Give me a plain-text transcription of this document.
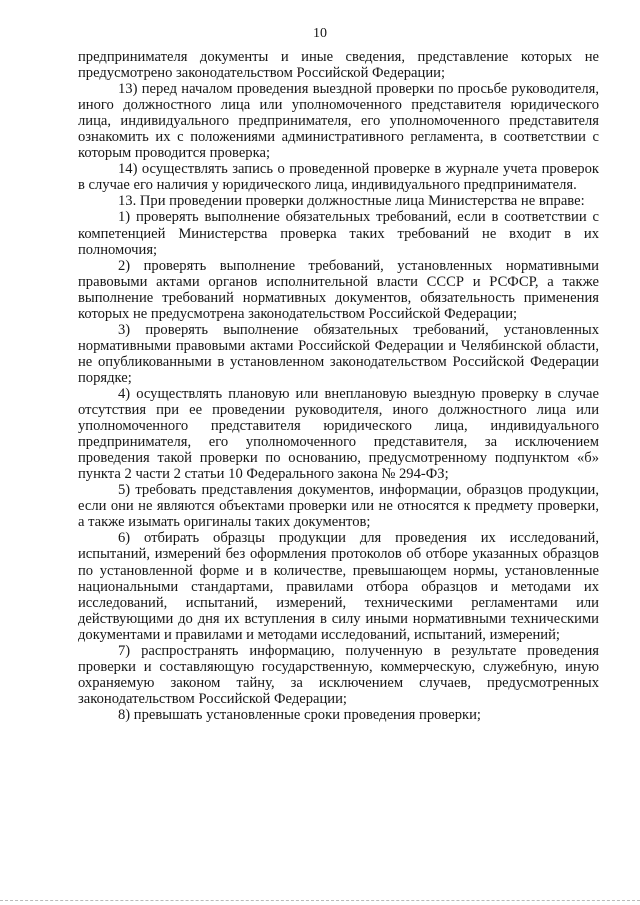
10

предпринимателя документы и иные сведения, представление которых не предусмотрено законодательством Российской Федерации;

13) перед началом проведения выездной проверки по просьбе руководителя, иного должностного лица или уполномоченного представителя юридического лица, индивидуального предпринимателя, его уполномоченного представителя ознакомить их с положениями административного регламента, в соответствии с которым проводится проверка;

14) осуществлять запись о проведенной проверке в журнале учета проверок в случае его наличия у юридического лица, индивидуального предпринимателя.

13. При проведении проверки должностные лица Министерства не вправе:

1) проверять выполнение обязательных требований, если в соответствии с компетенцией Министерства проверка таких требований не входит в их полномочия;

2) проверять выполнение требований, установленных нормативными правовыми актами органов исполнительной власти СССР и РСФСР, а также выполнение требований нормативных документов, обязательность применения которых не предусмотрена законодательством Российской Федерации;

3) проверять выполнение обязательных требований, установленных нормативными правовыми актами Российской Федерации и Челябинской области, не опубликованными в установленном законодательством Российской Федерации порядке;

4) осуществлять плановую или внеплановую выездную проверку в случае отсутствия при ее проведении руководителя, иного должностного лица или уполномоченного представителя юридического лица, индивидуального предпринимателя, его уполномоченного представителя, за исключением проведения такой проверки по основанию, предусмотренному подпунктом «б» пункта 2 части 2 статьи 10 Федерального закона № 294-ФЗ;

5) требовать представления документов, информации, образцов продукции, если они не являются объектами проверки или не относятся к предмету проверки, а также изымать оригиналы таких документов;

6) отбирать образцы продукции для проведения их исследований, испытаний, измерений без оформления протоколов об отборе указанных образцов по установленной форме и в количестве, превышающем нормы, установленные национальными стандартами, правилами отбора образцов и методами их исследований, испытаний, измерений, техническими регламентами или действующими до дня их вступления в силу иными нормативными техническими документами и правилами и методами исследований, испытаний, измерений;

7) распространять информацию, полученную в результате проведения проверки и составляющую государственную, коммерческую, служебную, иную охраняемую законом тайну, за исключением случаев, предусмотренных законодательством Российской Федерации;

8) превышать установленные сроки проведения проверки;
